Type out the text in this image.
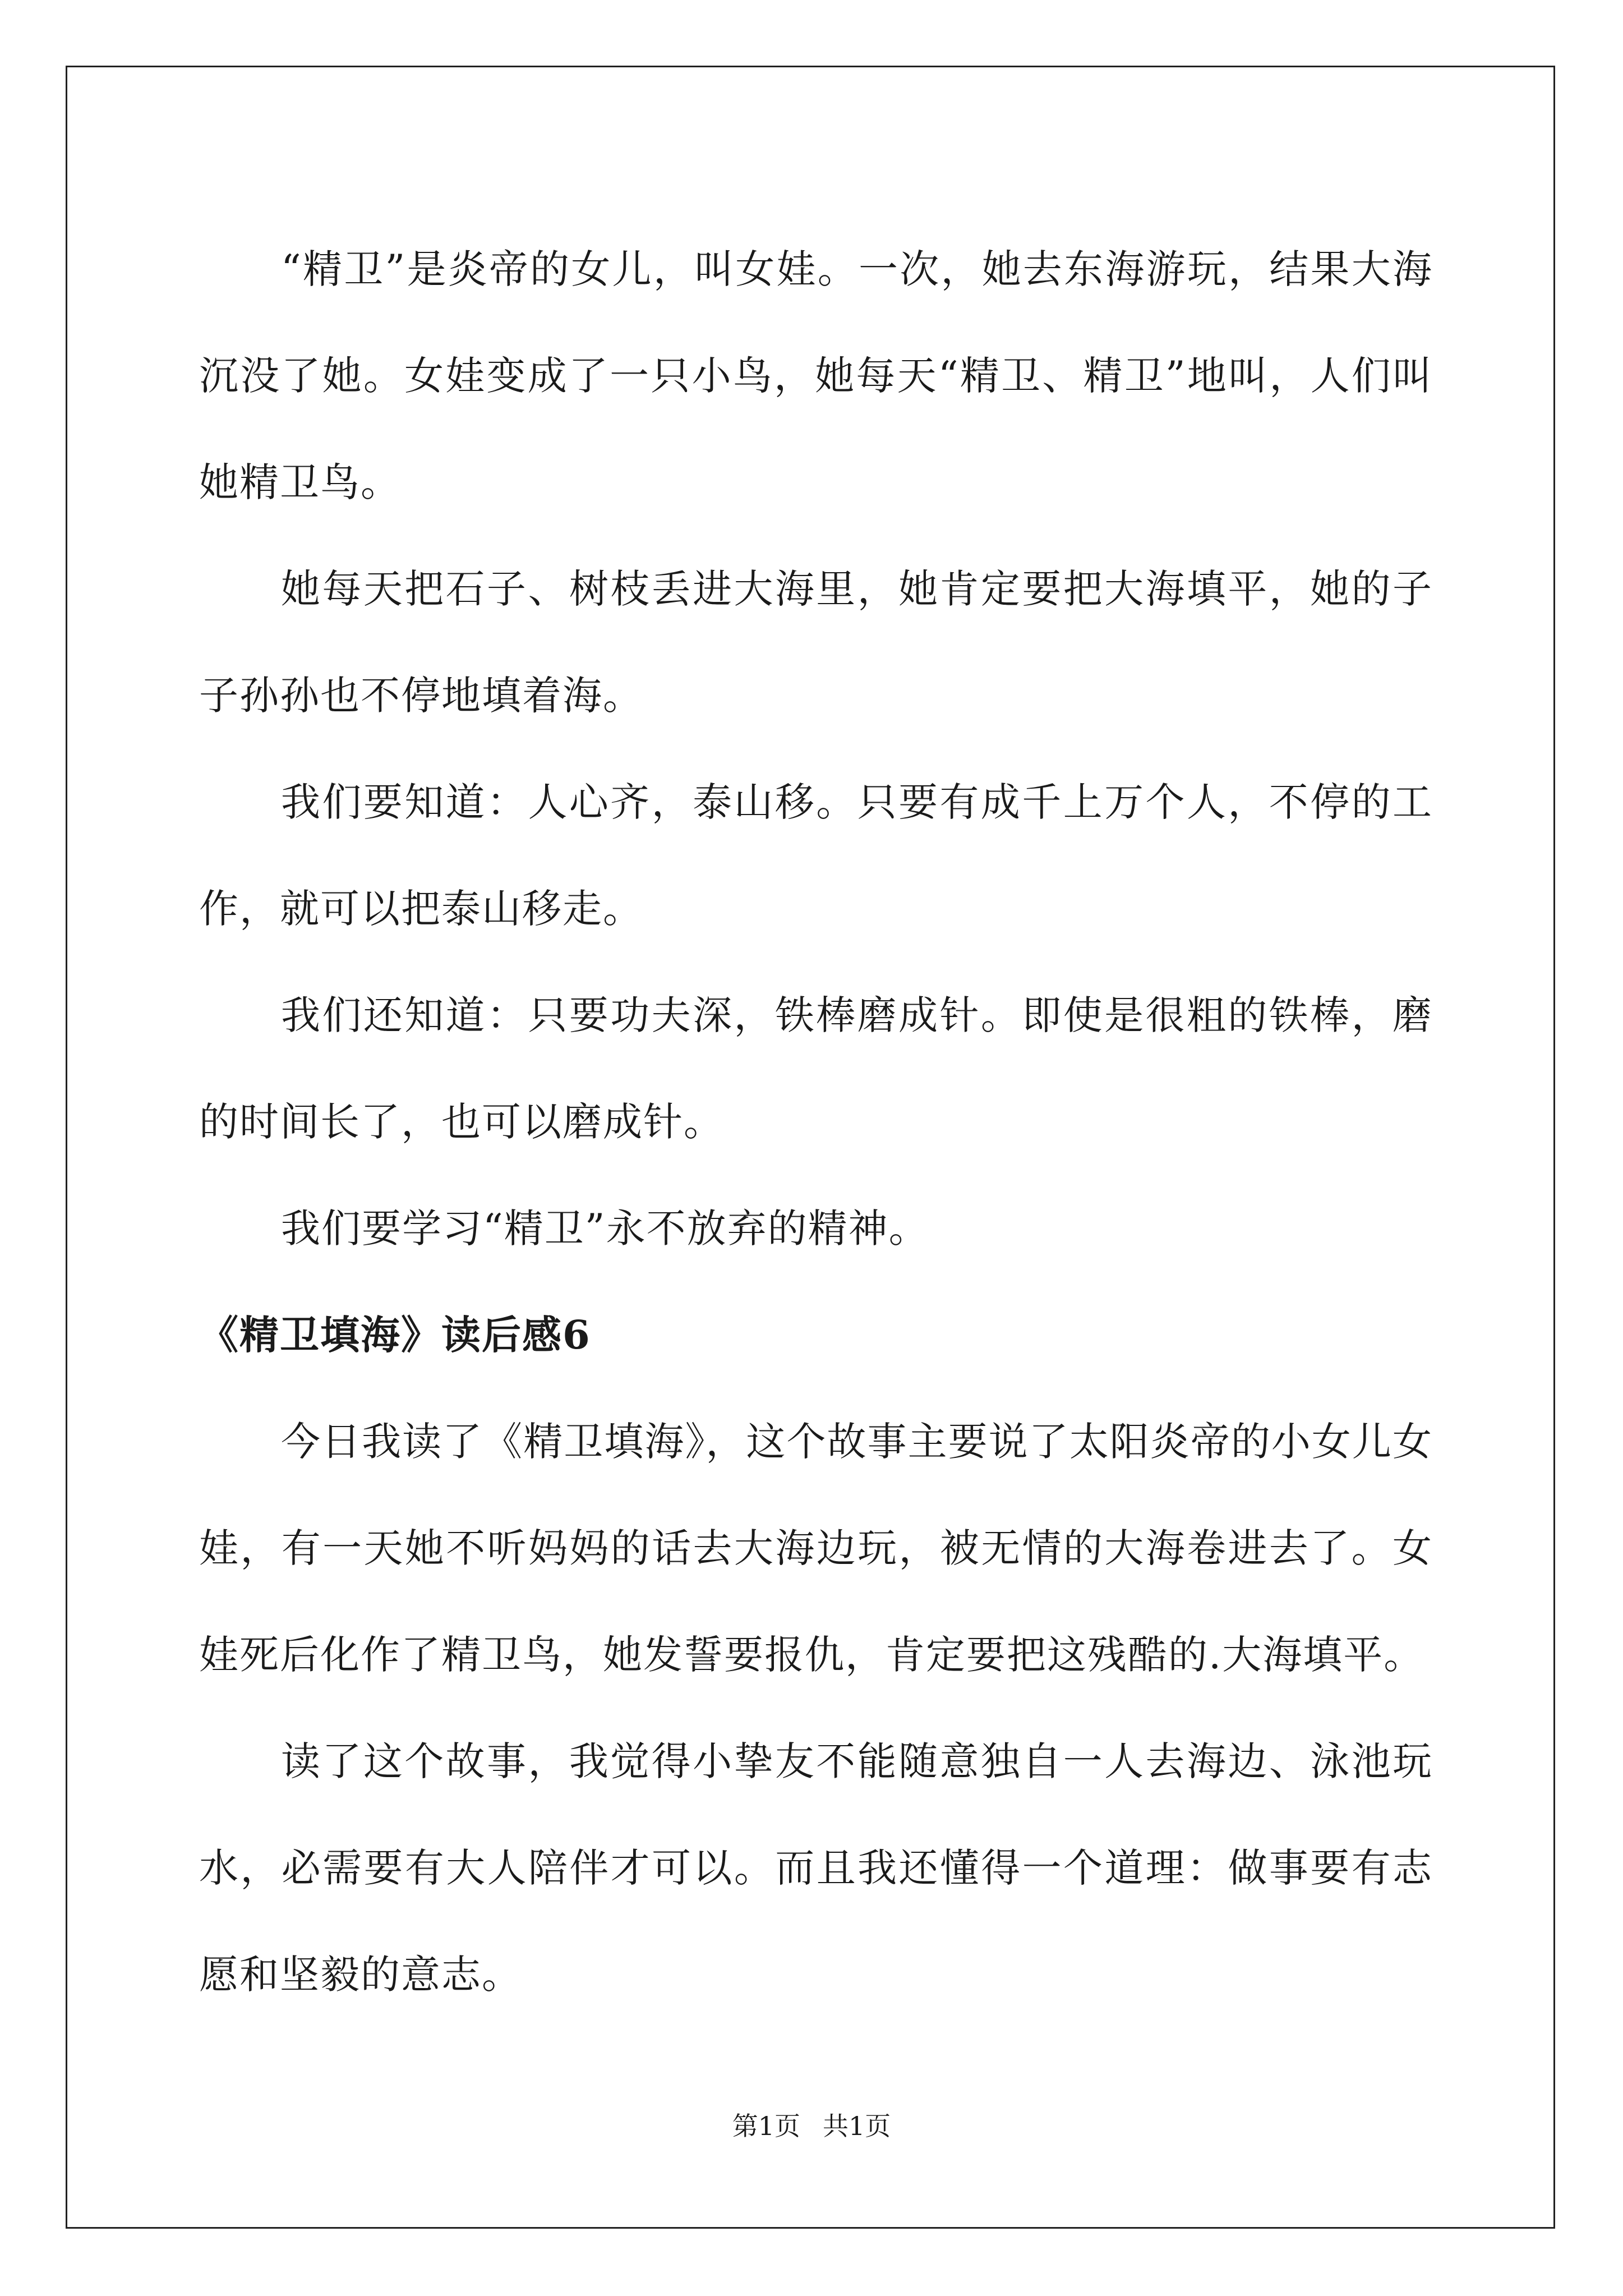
“精卫”是炎帝的女儿，叫女娃。一次，她去东海游玩，结果大海沉没了她。女娃变成了一只小鸟，她每天“精卫、精卫”地叫，人们叫她精卫鸟。

她每天把石子、树枝丢进大海里，她肯定要把大海填平，她的子子孙孙也不停地填着海。

我们要知道：人心齐，泰山移。只要有成千上万个人，不停的工作，就可以把泰山移走。

我们还知道：只要功夫深，铁棒磨成针。即使是很粗的铁棒，磨的时间长了，也可以磨成针。

我们要学习“精卫”永不放弃的精神。

《精卫填海》读后感6

今日我读了《精卫填海》，这个故事主要说了太阳炎帝的小女儿女娃，有一天她不听妈妈的话去大海边玩，被无情的大海卷进去了。女娃死后化作了精卫鸟，她发誓要报仇，肯定要把这残酷的.大海填平。

读了这个故事，我觉得小挚友不能随意独自一人去海边、泳池玩水，必需要有大人陪伴才可以。而且我还懂得一个道理：做事要有志愿和坚毅的意志。

第1页 共1页
